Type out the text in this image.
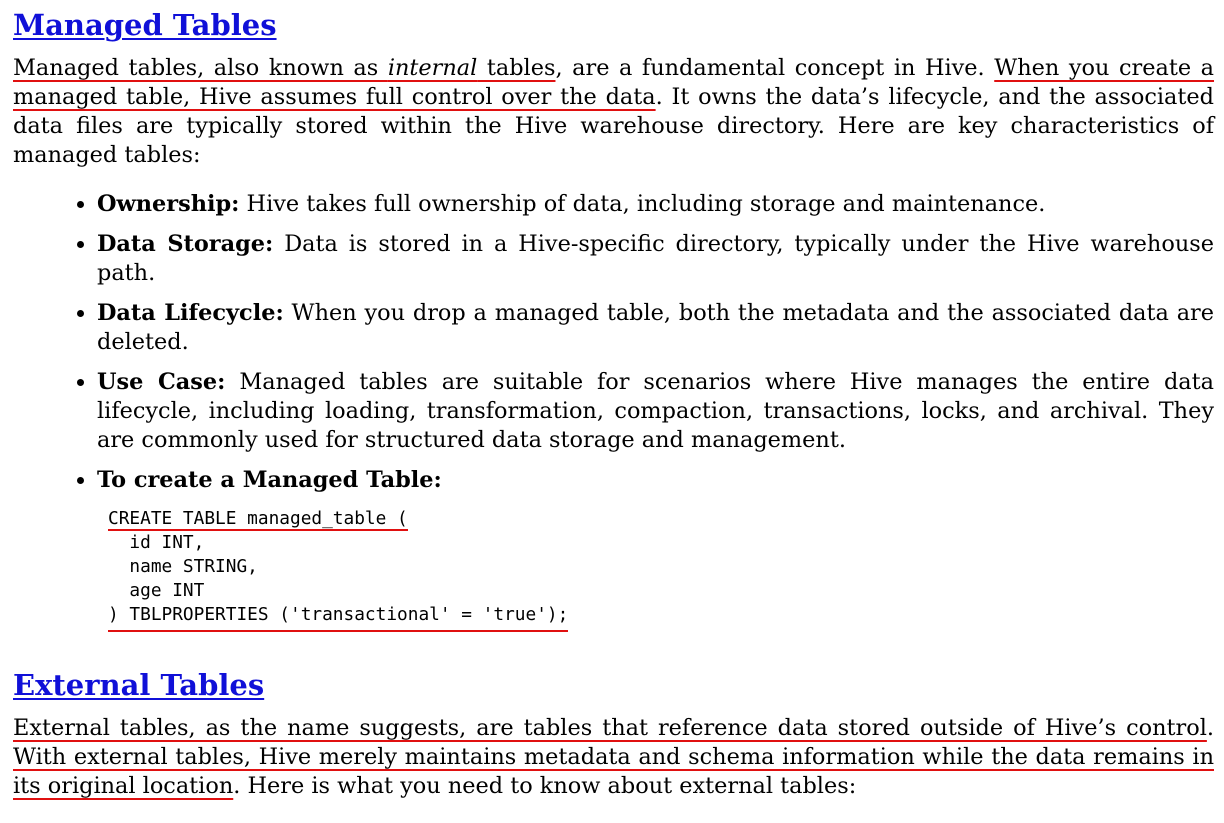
Managed Tables

Managed tables, also known as internal tables, are a fundamental concept in Hive. When you create a managed table, Hive assumes full control over the data. It owns the data’s lifecycle, and the associated data files are typically stored within the Hive warehouse directory. Here are key characteristics of managed tables:

• Ownership: Hive takes full ownership of data, including storage and maintenance.
• Data Storage: Data is stored in a Hive-specific directory, typically under the Hive warehouse path.
• Data Lifecycle: When you drop a managed table, both the metadata and the associated data are deleted.
• Use Case: Managed tables are suitable for scenarios where Hive manages the entire data lifecycle, including loading, transformation, compaction, transactions, locks, and archival. They are commonly used for structured data storage and management.
• To create a Managed Table:
CREATE TABLE managed_table (
id INT,
name STRING,
age INT
) TBLPROPERTIES ('transactional' = 'true');
External Tables

External tables, as the name suggests, are tables that reference data stored outside of Hive’s control. With external tables, Hive merely maintains metadata and schema information while the data remains in its original location. Here is what you need to know about external tables:
